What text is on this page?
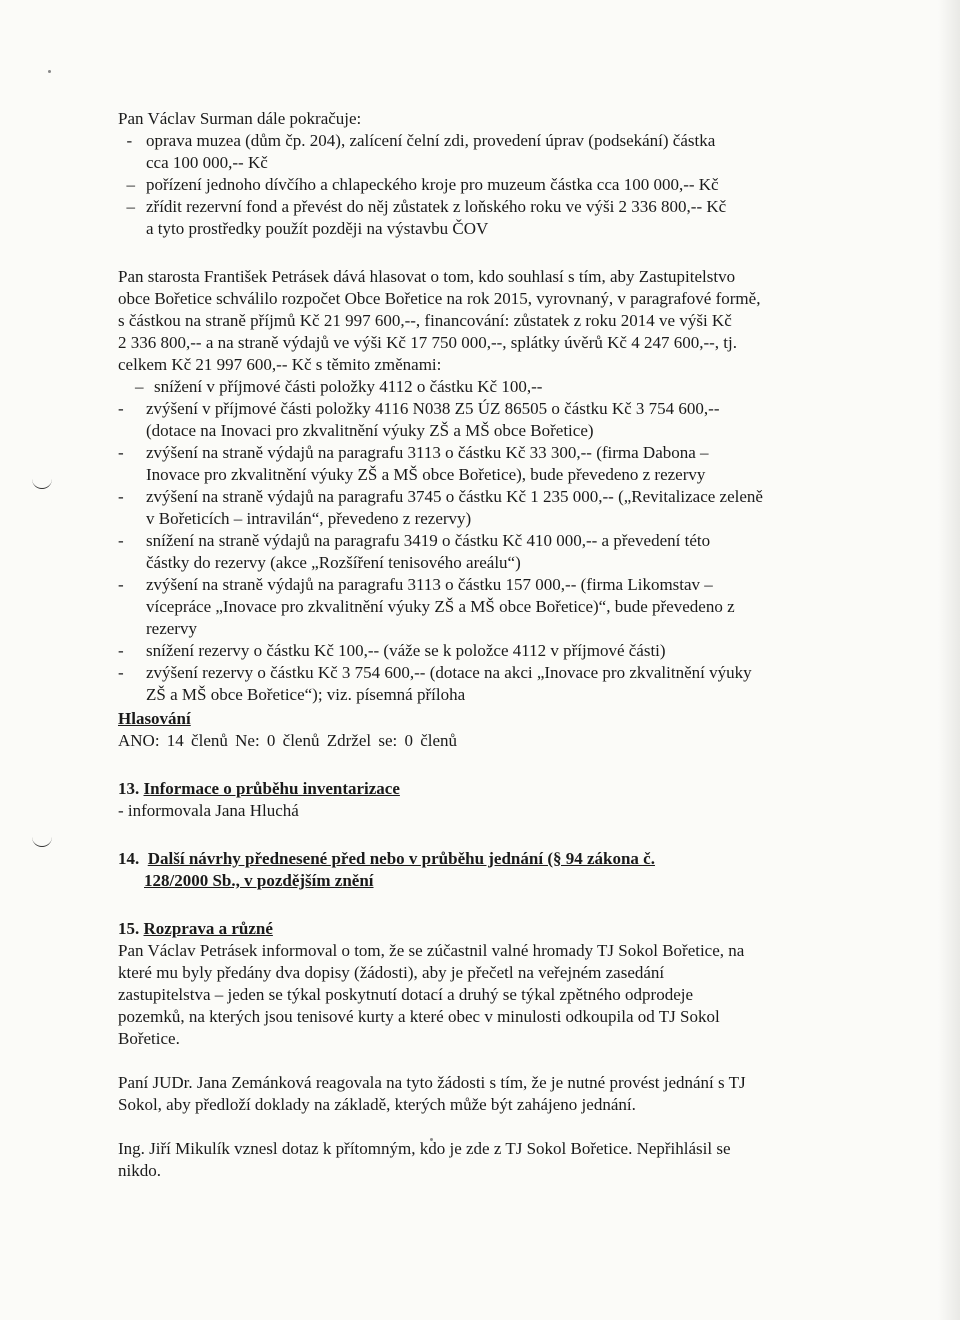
Pan Václav Surman dále pokračuje:
- oprava muzea (dům čp. 204), zalícení čelní zdi, provedení úprav (podsekání) částka
cca 100 000,-- Kč
– pořízení jednoho dívčího a chlapeckého kroje pro muzeum částka cca 100 000,-- Kč
– zřídit rezervní fond a převést do něj zůstatek z loňského roku ve výši 2 336 800,-- Kč
a tyto prostředky použít později na výstavbu ČOV
Pan starosta František Petrásek dává hlasovat o tom, kdo souhlasí s tím, aby Zastupitelstvo
obce Bořetice schválilo rozpočet Obce Bořetice na rok 2015, vyrovnaný, v paragrafové formě,
s částkou na straně příjmů Kč 21 997 600,--, financování: zůstatek z roku 2014 ve výši Kč
2 336 800,-- a na straně výdajů ve výši Kč 17 750 000,--, splátky úvěrů Kč 4 247 600,--, tj.
celkem Kč 21 997 600,-- Kč s těmito změnami:
– snížení v příjmové části položky 4112 o částku Kč 100,--
-	zvýšení v příjmové části položky 4116 N038 Z5 ÚZ 86505 o částku Kč 3 754 600,--
(dotace na Inovaci pro zkvalitnění výuky ZŠ a MŠ obce Bořetice)
-	zvýšení na straně výdajů na paragrafu 3113 o částku Kč 33 300,-- (firma Dabona –
Inovace pro zkvalitnění výuky ZŠ a MŠ obce Bořetice), bude převedeno z rezervy
-	zvýšení na straně výdajů na paragrafu 3745 o částku Kč 1 235 000,-- („Revitalizace zeleně
v Bořeticích – intravilán“, převedeno z rezervy)
-	snížení na straně výdajů na paragrafu 3419 o částku Kč 410 000,-- a převedení této
částky do rezervy (akce „Rozšíření tenisového areálu“)
-	zvýšení na straně výdajů na paragrafu 3113 o částku 157 000,-- (firma Likomstav –
vícepráce „Inovace pro zkvalitnění výuky ZŠ a MŠ obce Bořetice)“, bude převedeno z
rezervy
-	snížení rezervy o částku Kč 100,-- (váže se k položce 4112 v příjmové části)
-	zvýšení rezervy o částku Kč 3 754 600,-- (dotace na akci „Inovace pro zkvalitnění výuky
ZŠ a MŠ obce Bořetice“); viz. písemná příloha
Hlasování
ANO: 14 členů Ne: 0 členů Zdržel se: 0 členů
13. Informace o průběhu inventarizace
- informovala Jana Hluchá
14. Další návrhy přednesené před nebo v průběhu jednání (§ 94 zákona č.
128/2000 Sb., v pozdějším znění
15. Rozprava a různé
Pan Václav Petrásek informoval o tom, že se zúčastnil valné hromady TJ Sokol Bořetice, na
které mu byly předány dva dopisy (žádosti), aby je přečetl na veřejném zasedání
zastupitelstva – jeden se týkal poskytnutí dotací a druhý se týkal zpětného odprodeje
pozemků, na kterých jsou tenisové kurty a které obec v minulosti odkoupila od TJ Sokol
Bořetice.
Paní JUDr. Jana Zemánková reagovala na tyto žádosti s tím, že je nutné provést jednání s TJ
Sokol, aby předloží doklady na základě, kterých může být zahájeno jednání.
Ing. Jiří Mikulík vznesl dotaz k přítomným, kdo je zde z TJ Sokol Bořetice. Nepřihlásil se
nikdo.
